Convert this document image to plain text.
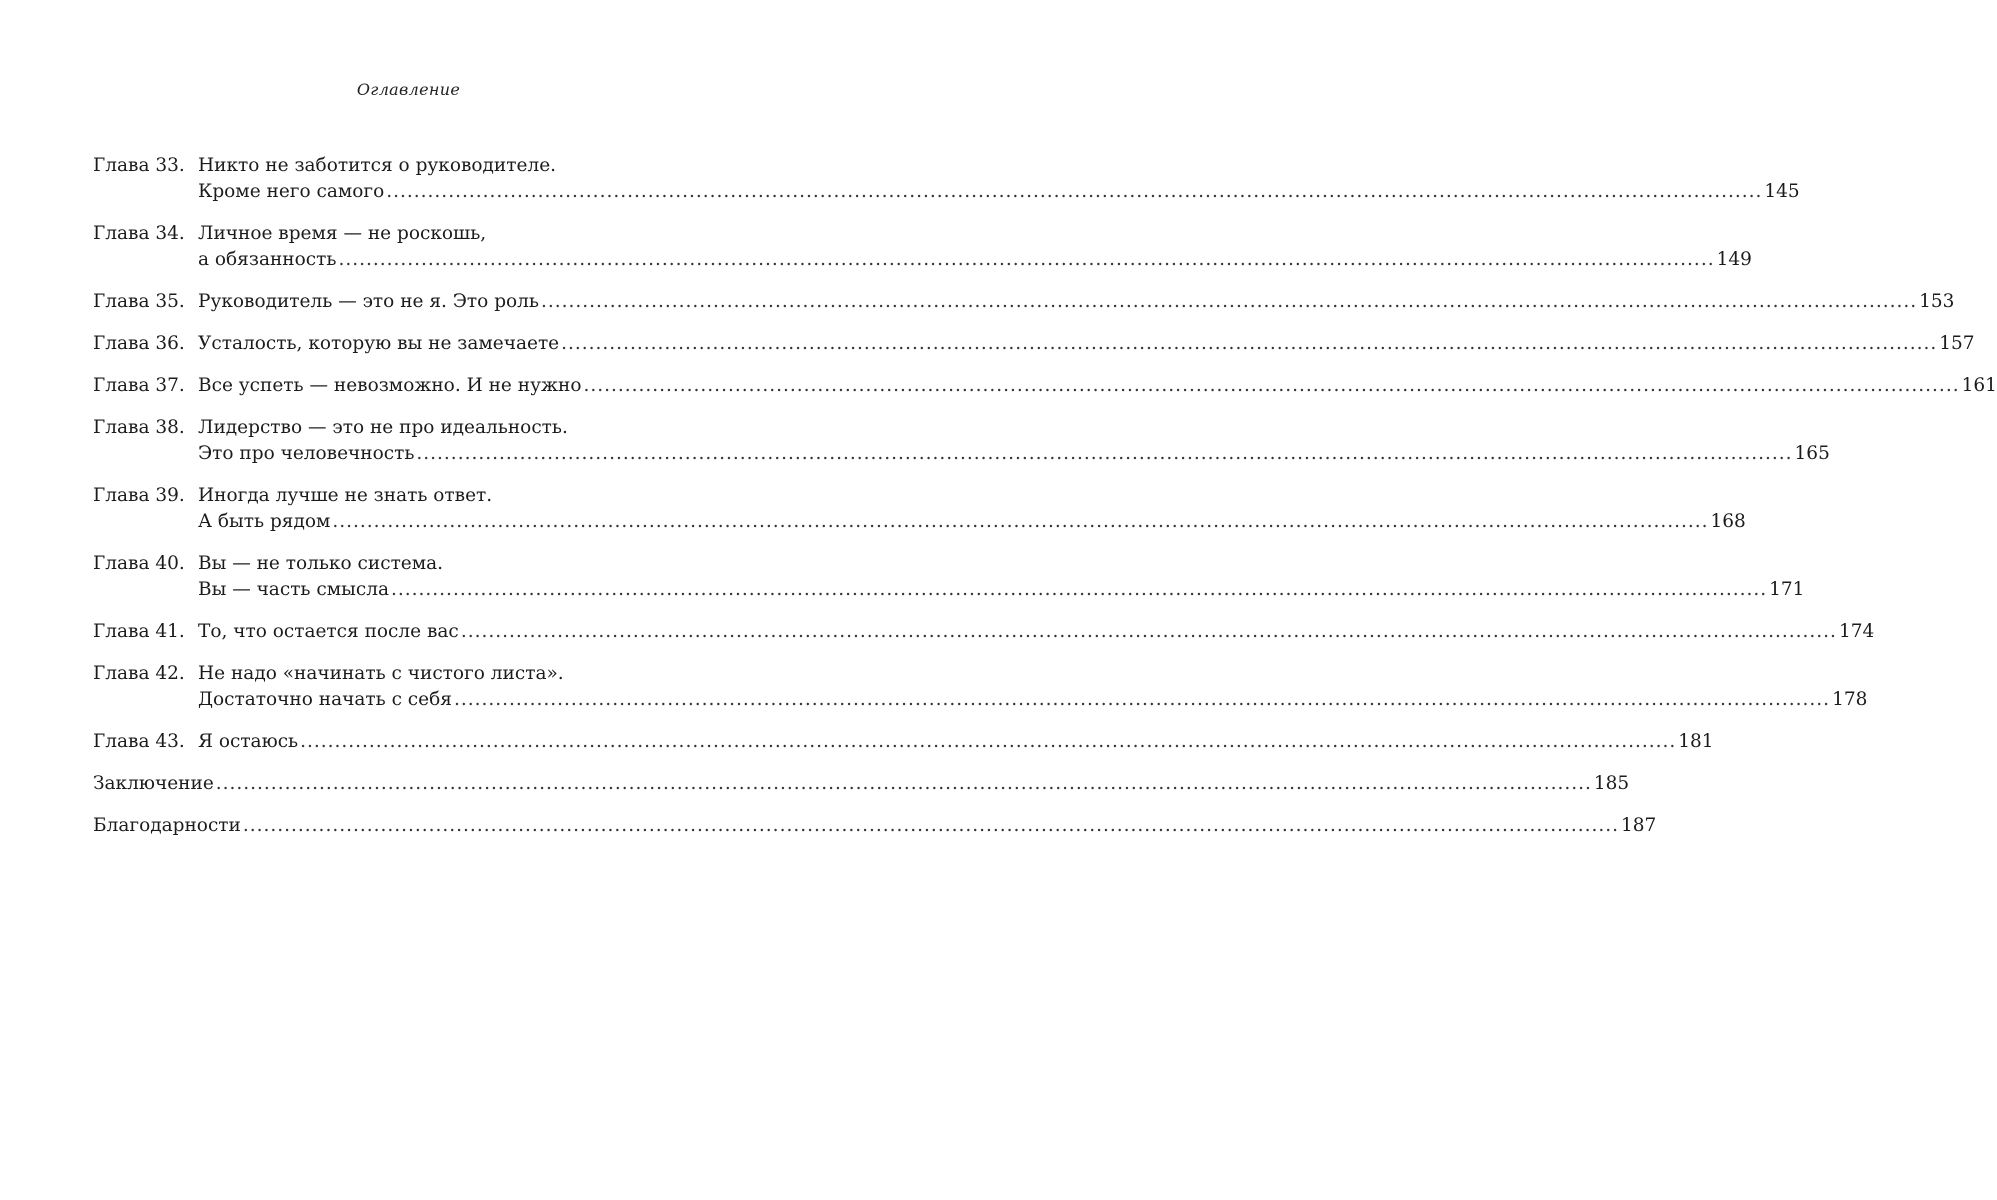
Оглавление
Глава 33. Никто не заботится о руководителе.
Кроме него самого .....	145
Глава 34. Личное время — не роскошь,
а обязанность .....	149
Глава 35. Руководитель — это не я. Это роль .....	153
Глава 36. Усталость, которую вы не замечаете .....	157
Глава 37. Все успеть — невозможно. И не нужно .....	161
Глава 38. Лидерство — это не про идеальность.
Это про человечность .....	165
Глава 39. Иногда лучше не знать ответ.
А быть рядом .....	168
Глава 40. Вы — не только система.
Вы — часть смысла .....	171
Глава 41. То, что остается после вас .....	174
Глава 42. Не надо «начинать с чистого листа».
Достаточно начать с себя .....	178
Глава 43. Я остаюсь .....	181
Заключение .....	185
Благодарности .....	187
